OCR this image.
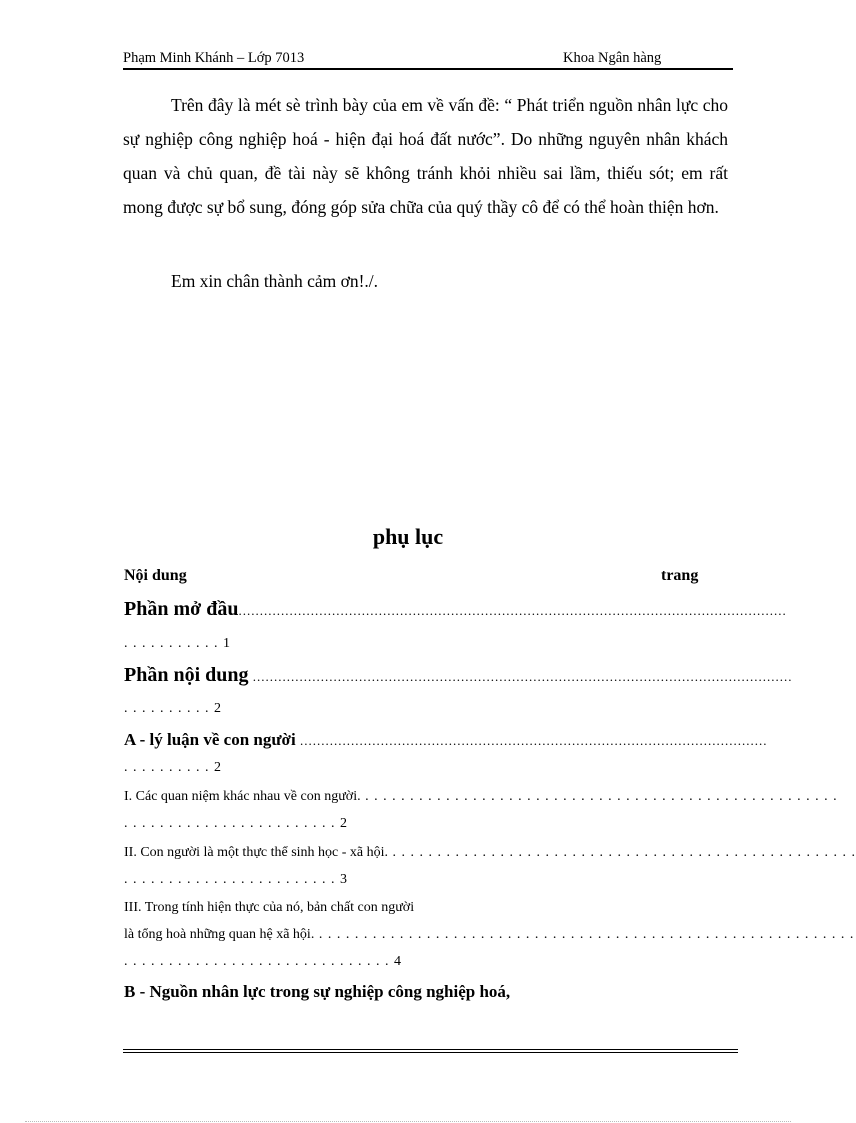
Phạm Minh Khánh – Lớp 7013	Khoa Ngân hàng
Trên đây là mét sè trình bày của em về vấn đề: “ Phát triển nguồn nhân lực cho sự nghiệp công nghiệp hoá - hiện đại hoá đất nước”. Do những nguyên nhân khách quan và chủ quan, đề tài này sẽ không tránh khỏi nhiều sai lầm, thiếu sót; em rất mong được sự bổ sung, đóng góp sửa chữa của quý thầy cô để có thể hoàn thiện hơn.
Em xin chân thành cảm ơn!./.
phụ lục
Nội dung	trang
Phần mở đầu.................................................................................................................................
. . . . . . . . . . . 1
Phần nội dung ...............................................................................................................................
. . . . . . . . . . 2
A - lý luận về con người ..............................................................................................................
. . . . . . . . . . 2
I. Các quan niệm khác nhau về con người. . . . . . . . . . . . . . . . . . . . . . . . . . . . . . . . . . . . . . . . . . . . . . . . . . . . . .
. . . . . . . . . . . . . . . . . . . . . . . . 2
II. Con người là một thực thể sinh học - xã hội. . . . . . . . . . . . . . . . . . . . . . . . . . . . . . . . . . . . . . . . . . . . . . . . . . . . .
. . . . . . . . . . . . . . . . . . . . . . . . 3
III. Trong tính hiện thực của nó, bản chất con người
là tổng hoà những quan hệ xã hội. . . . . . . . . . . . . . . . . . . . . . . . . . . . . . . . . . . . . . . . . . . . . . . . . . . . . . . . . . . . .
. . . . . . . . . . . . . . . . . . . . . . . . . . . . . . 4
B - Nguồn nhân lực trong sự nghiệp công nghiệp hoá,
